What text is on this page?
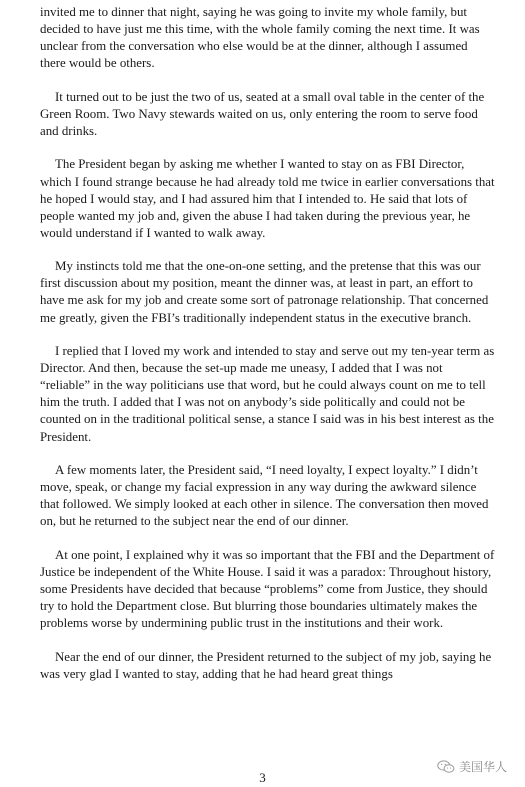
invited me to dinner that night, saying he was going to invite my whole family, but decided to have just me this time, with the whole family coming the next time. It was unclear from the conversation who else would be at the dinner, although I assumed there would be others.

It turned out to be just the two of us, seated at a small oval table in the center of the Green Room. Two Navy stewards waited on us, only entering the room to serve food and drinks.

The President began by asking me whether I wanted to stay on as FBI Director, which I found strange because he had already told me twice in earlier conversations that he hoped I would stay, and I had assured him that I intended to. He said that lots of people wanted my job and, given the abuse I had taken during the previous year, he would understand if I wanted to walk away.

My instincts told me that the one-on-one setting, and the pretense that this was our first discussion about my position, meant the dinner was, at least in part, an effort to have me ask for my job and create some sort of patronage relationship. That concerned me greatly, given the FBI’s traditionally independent status in the executive branch.

I replied that I loved my work and intended to stay and serve out my ten-year term as Director. And then, because the set-up made me uneasy, I added that I was not “reliable” in the way politicians use that word, but he could always count on me to tell him the truth. I added that I was not on anybody’s side politically and could not be counted on in the traditional political sense, a stance I said was in his best interest as the President.

A few moments later, the President said, “I need loyalty, I expect loyalty.” I didn’t move, speak, or change my facial expression in any way during the awkward silence that followed. We simply looked at each other in silence. The conversation then moved on, but he returned to the subject near the end of our dinner.

At one point, I explained why it was so important that the FBI and the Department of Justice be independent of the White House. I said it was a paradox: Throughout history, some Presidents have decided that because “problems” come from Justice, they should try to hold the Department close. But blurring those boundaries ultimately makes the problems worse by undermining public trust in the institutions and their work.

Near the end of our dinner, the President returned to the subject of my job, saying he was very glad I wanted to stay, adding that he had heard great things

3
美国华人
